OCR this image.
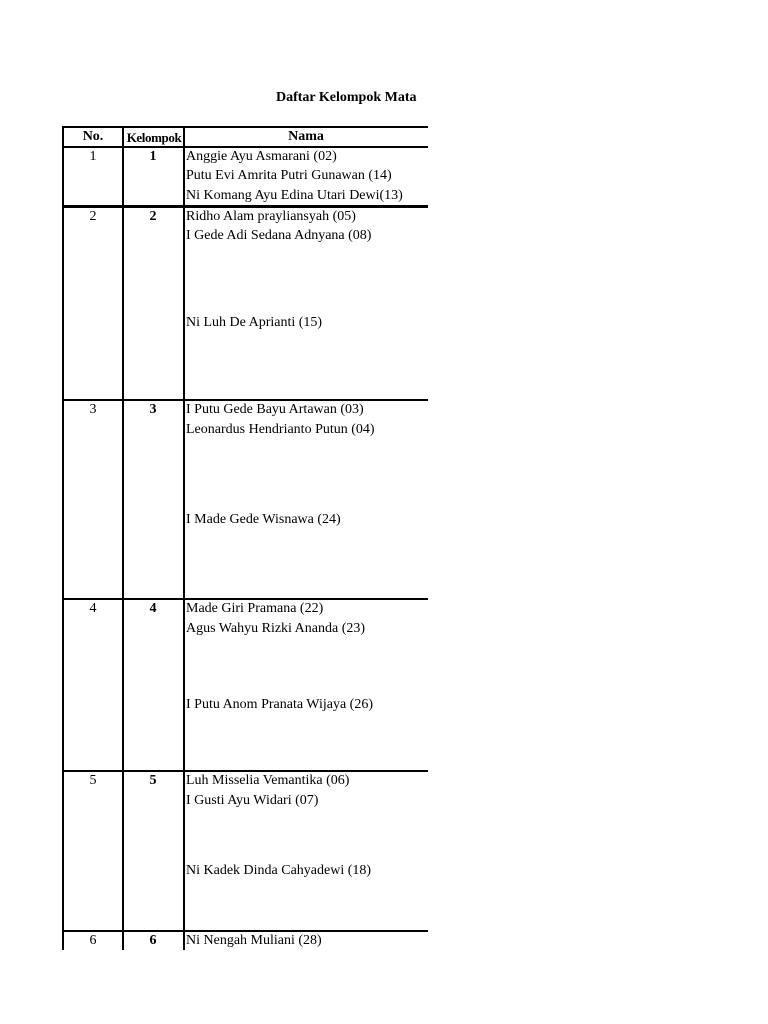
Daftar Kelompok Mata
No.	Kelompok	Nama
1	1	Anggie Ayu Asmarani (02)
Putu Evi Amrita Putri Gunawan (14)
Ni Komang Ayu Edina Utari Dewi(13)
2	2	Ridho Alam prayliansyah (05)
I Gede Adi Sedana Adnyana (08)
Ni Luh De Aprianti (15)
3	3	I Putu Gede Bayu Artawan (03)
Leonardus Hendrianto Putun (04)
I Made Gede Wisnawa (24)
4	4	Made Giri Pramana (22)
Agus Wahyu Rizki Ananda (23)
I Putu Anom Pranata Wijaya (26)
5	5	Luh Misselia Vemantika (06)
I Gusti Ayu Widari (07)
Ni Kadek Dinda Cahyadewi (18)
6	6	Ni Nengah Muliani (28)
